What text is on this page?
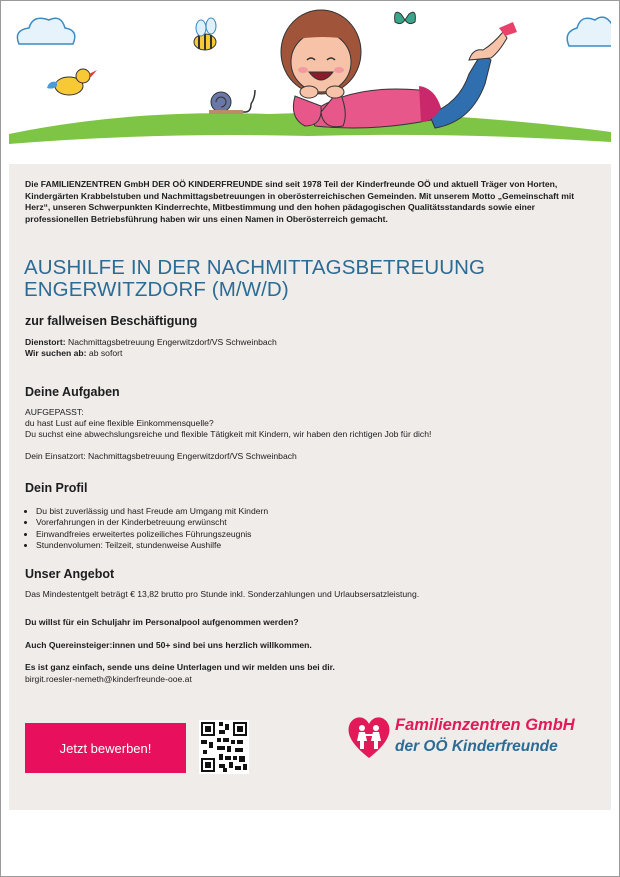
Die FAMILIENZENTREN GmbH DER OÖ KINDERFREUNDE sind seit 1978 Teil der Kinderfreunde OÖ und aktuell Träger von Horten, Kindergärten Krabbelstuben und Nachmittagsbetreuungen in oberösterreichischen Gemeinden. Mit unserem Motto „Gemeinschaft mit Herz“, unseren Schwerpunkten Kinderrechte, Mitbestimmung und den hohen pädagogischen Qualitätsstandards sowie einer professionellen Betriebsführung haben wir uns einen Namen in Oberösterreich gemacht.

AUSHILFE IN DER NACHMITTAGSBETREUUNG
ENGERWITZDORF (M/W/D)
zur fallweisen Beschäftigung
Dienstort: Nachmittagsbetreuung Engerwitzdorf/VS Schweinbach
Wir suchen ab: ab sofort
Deine Aufgaben
AUFGEPASST:
du hast Lust auf eine flexible Einkommensquelle?
Du suchst eine abwechslungsreiche und flexible Tätigkeit mit Kindern, wir haben den richtigen Job für dich!
Dein Einsatzort: Nachmittagsbetreuung Engerwitzdorf/VS Schweinbach
Dein Profil
• Du bist zuverlässig und hast Freude am Umgang mit Kindern
• Vorerfahrungen in der Kinderbetreuung erwünscht
• Einwandfreies erweitertes polizeiliches Führungszeugnis
• Stundenvolumen: Teilzeit, stundenweise Aushilfe
Unser Angebot
Das Mindestentgelt beträgt € 13,82 brutto pro Stunde inkl. Sonderzahlungen und Urlaubsersatzleistung.
Du willst für ein Schuljahr im Personalpool aufgenommen werden?
Auch Quereinsteiger:innen und 50+ sind bei uns herzlich willkommen.
Es ist ganz einfach, sende uns deine Unterlagen und wir melden uns bei dir.
birgit.roesler-nemeth@kinderfreunde-ooe.at
Jetzt bewerben!
Familienzentren GmbH
der OÖ Kinderfreunde
